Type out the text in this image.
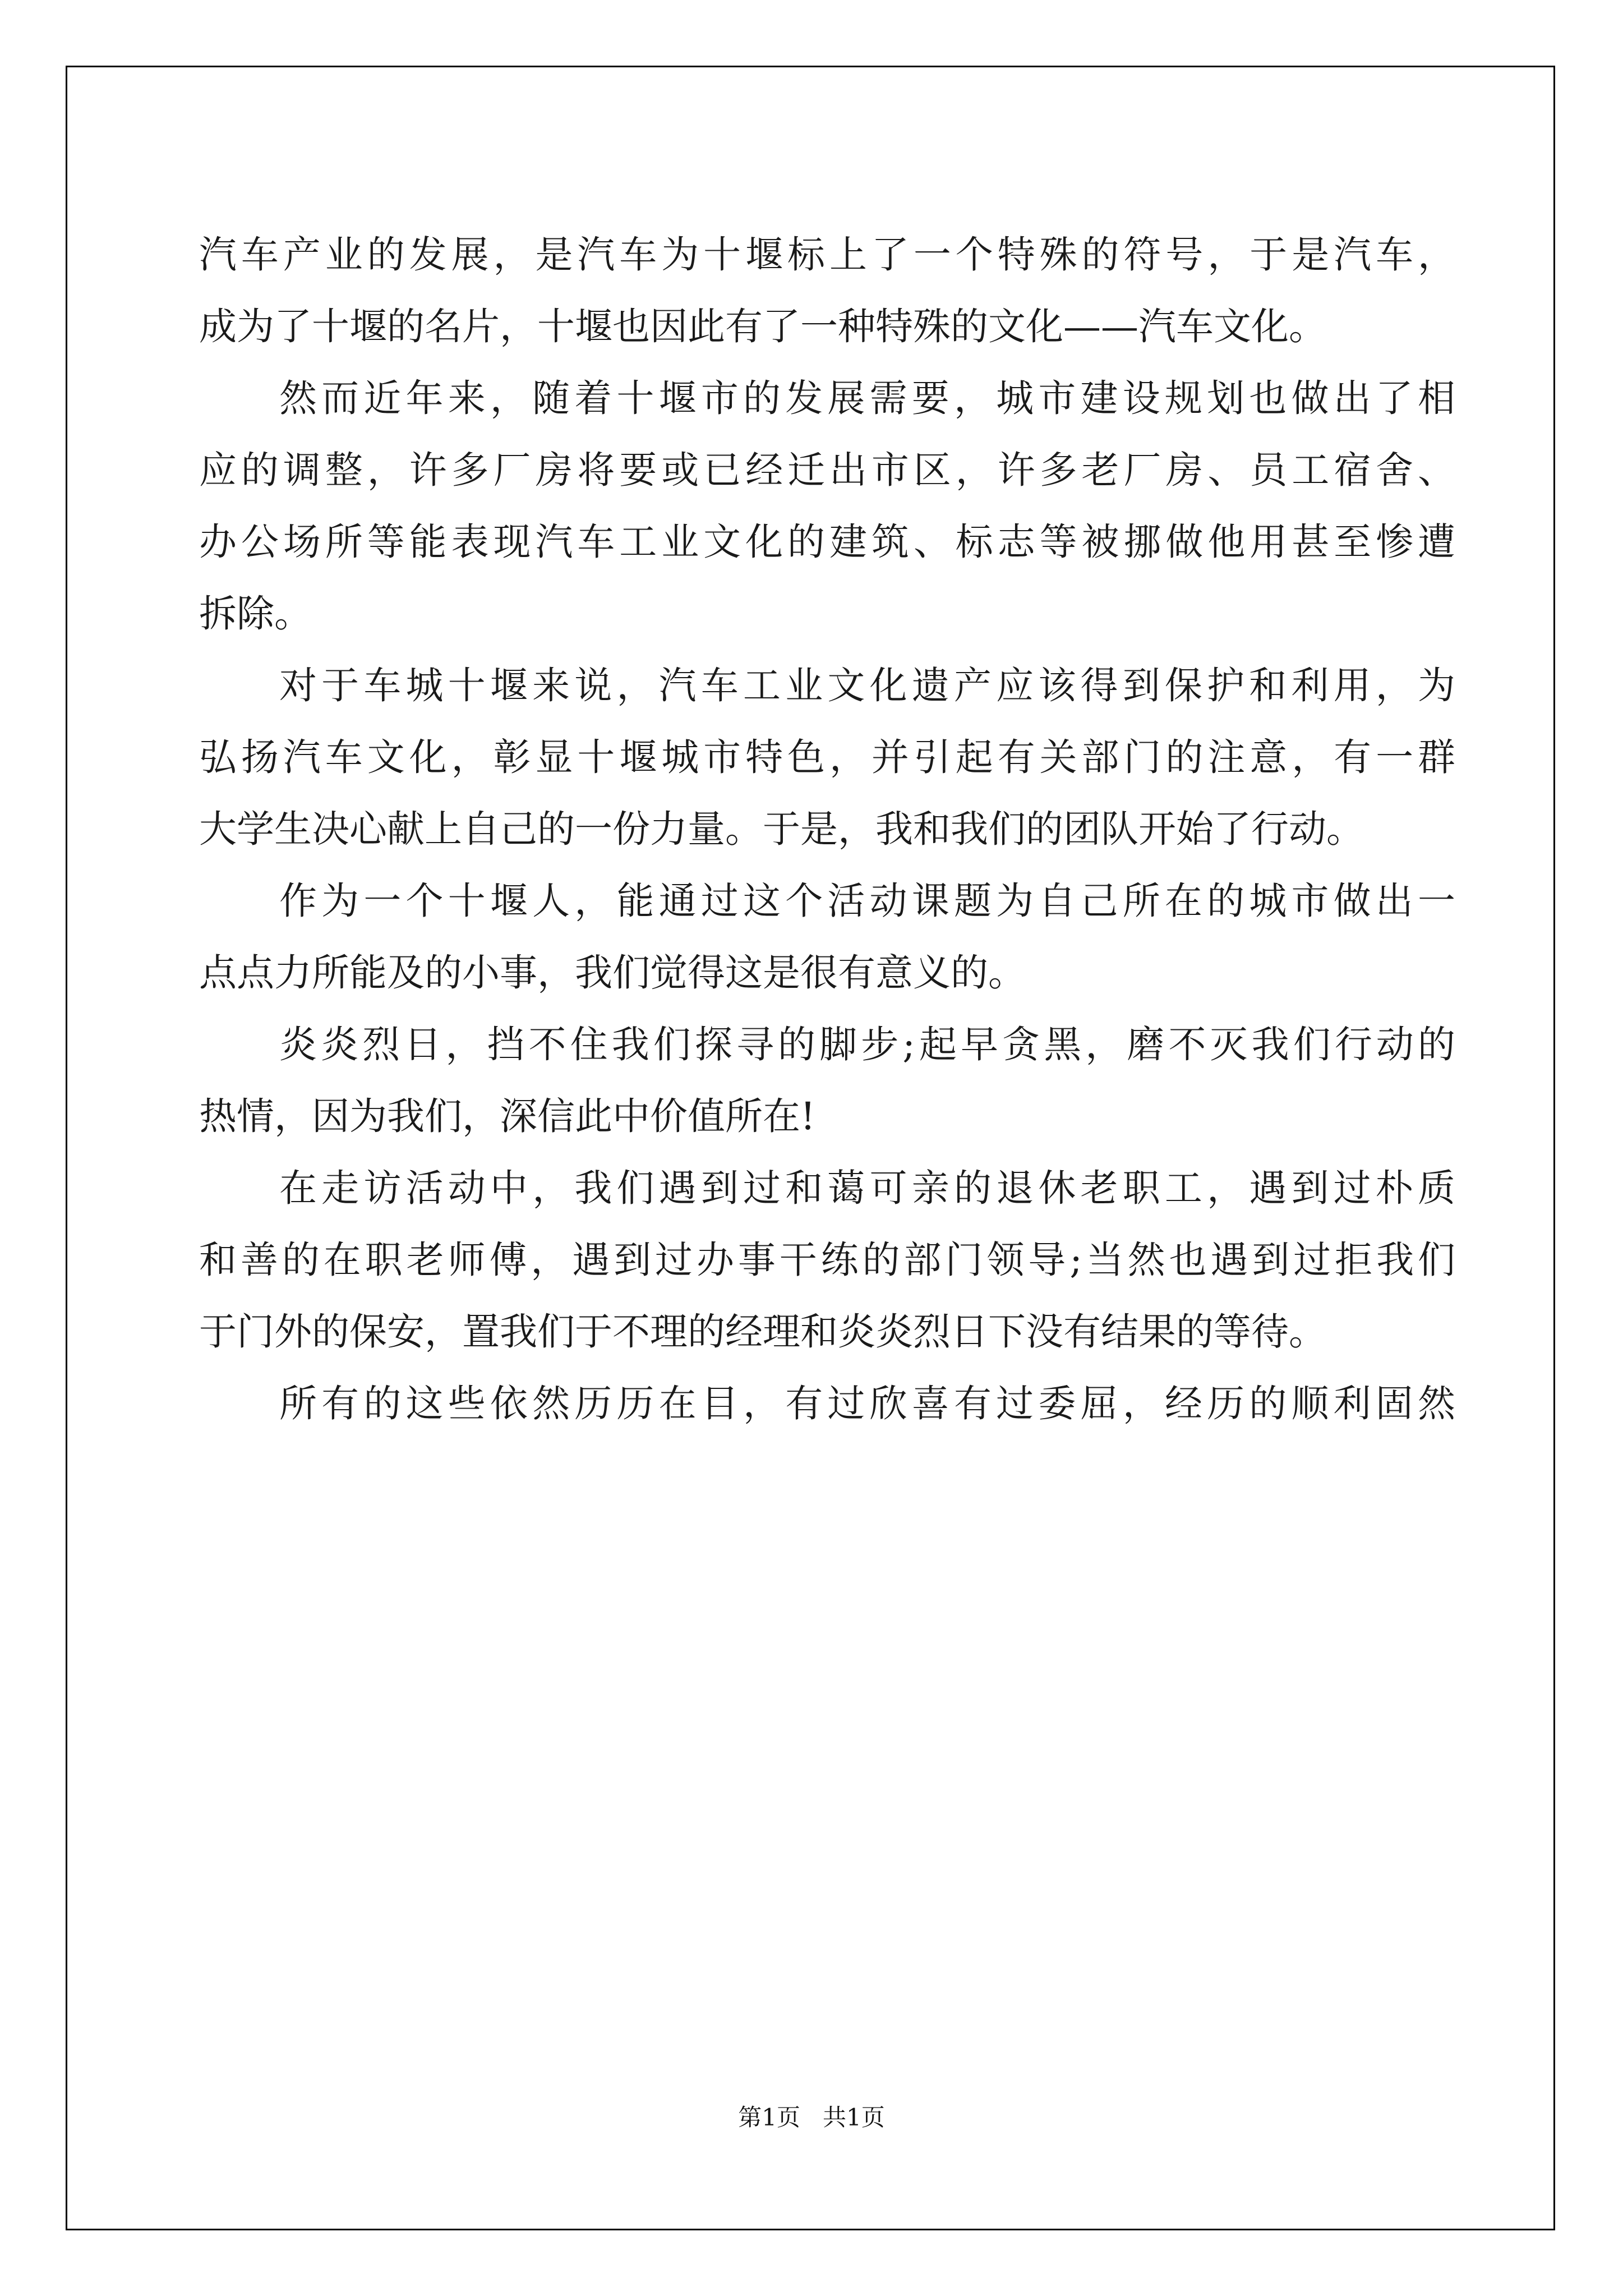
汽车产业的发展，是汽车为十堰标上了一个特殊的符号，于是汽车，

成为了十堰的名片，十堰也因此有了一种特殊的文化——汽车文化。

然而近年来，随着十堰市的发展需要，城市建设规划也做出了相

应的调整，许多厂房将要或已经迁出市区，许多老厂房、员工宿舍、

办公场所等能表现汽车工业文化的建筑、标志等被挪做他用甚至惨遭

拆除。

对于车城十堰来说，汽车工业文化遗产应该得到保护和利用，为

弘扬汽车文化，彰显十堰城市特色，并引起有关部门的注意，有一群

大学生决心献上自己的一份力量。于是，我和我们的团队开始了行动。

作为一个十堰人，能通过这个活动课题为自己所在的城市做出一

点点力所能及的小事，我们觉得这是很有意义的。

炎炎烈日，挡不住我们探寻的脚步;起早贪黑，磨不灭我们行动的

热情，因为我们，深信此中价值所在!

在走访活动中，我们遇到过和蔼可亲的退休老职工，遇到过朴质

和善的在职老师傅，遇到过办事干练的部门领导;当然也遇到过拒我们

于门外的保安，置我们于不理的经理和炎炎烈日下没有结果的等待。

所有的这些依然历历在目，有过欣喜有过委屈，经历的顺利固然

第1页   共1页
